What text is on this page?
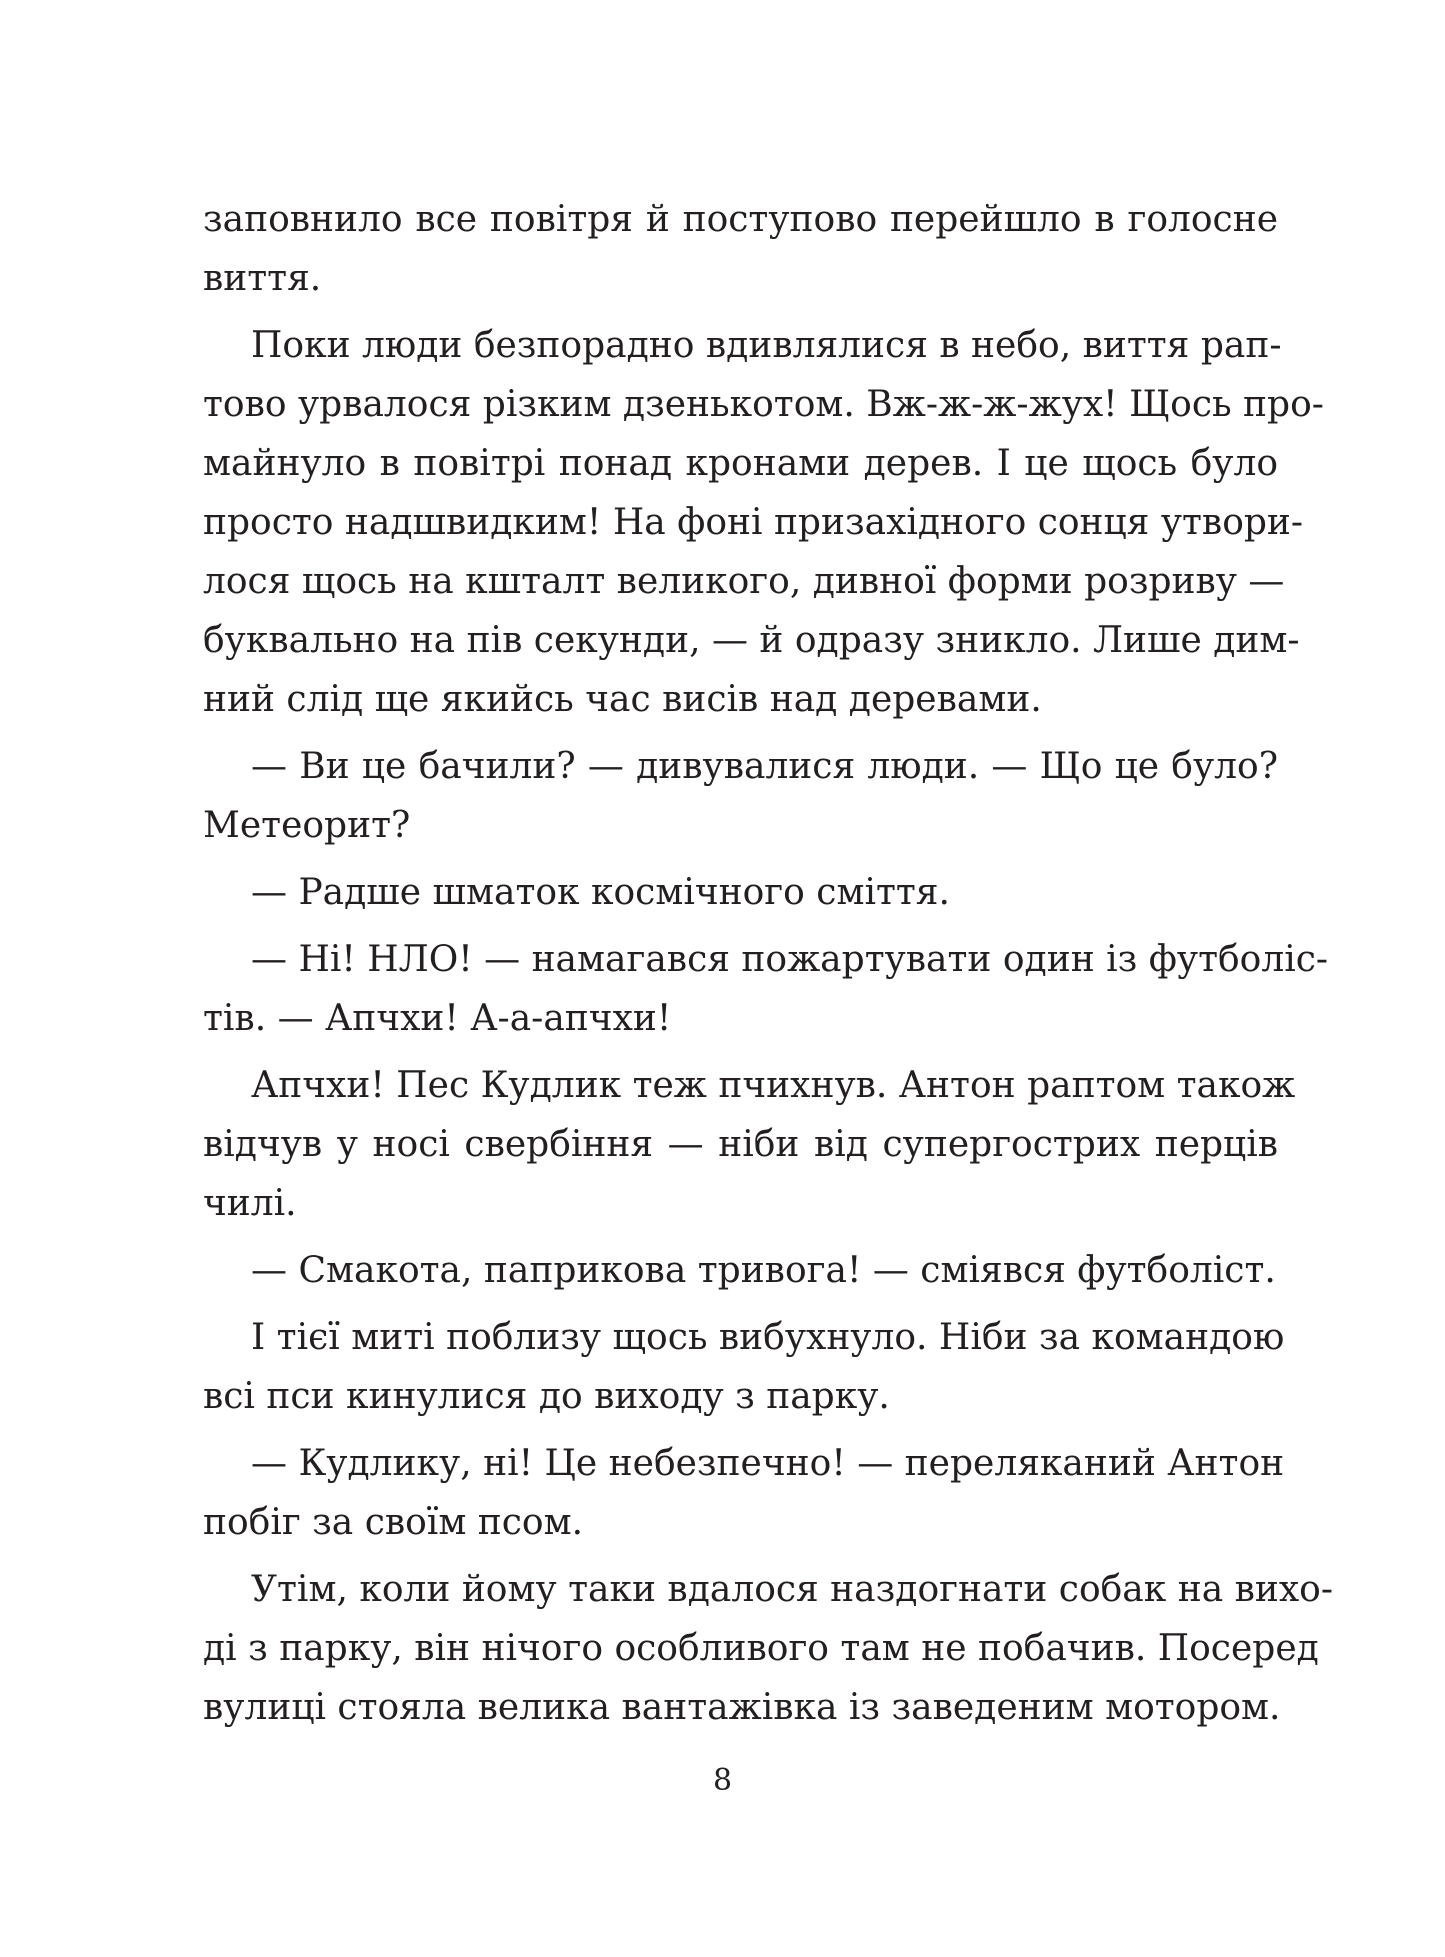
заповнило все повітря й поступово перейшло в голосне
виття.
Поки люди безпорадно вдивлялися в небо, виття рап-
тово урвалося різким дзенькотом. Вж-ж-ж-жух! Щось про-
майнуло в повітрі понад кронами дерев. І це щось було
просто надшвидким! На фоні призахідного сонця утвори-
лося щось на кшталт великого, дивної форми розриву —
буквально на пів секунди, — й одразу зникло. Лише дим-
ний слід ще якийсь час висів над деревами.
— Ви це бачили? — дивувалися люди. — Що це було?
Метеорит?
— Радше шматок космічного сміття.
— Ні! НЛО! — намагався пожартувати один із футболіс-
тів. — Апчхи! А-а-апчхи!
Апчхи! Пес Кудлик теж пчихнув. Антон раптом також
відчув у носі свербіння — ніби від супергострих перців
чилі.
— Смакота, паприкова тривога! — сміявся футболіст.
І тієї миті поблизу щось вибухнуло. Ніби за командою
всі пси кинулися до виходу з парку.
— Кудлику, ні! Це небезпечно! — переляканий Антон
побіг за своїм псом.
Утім, коли йому таки вдалося наздогнати собак на вихо-
ді з парку, він нічого особливого там не побачив. Посеред
вулиці стояла велика вантажівка із заведеним мотором.
8
